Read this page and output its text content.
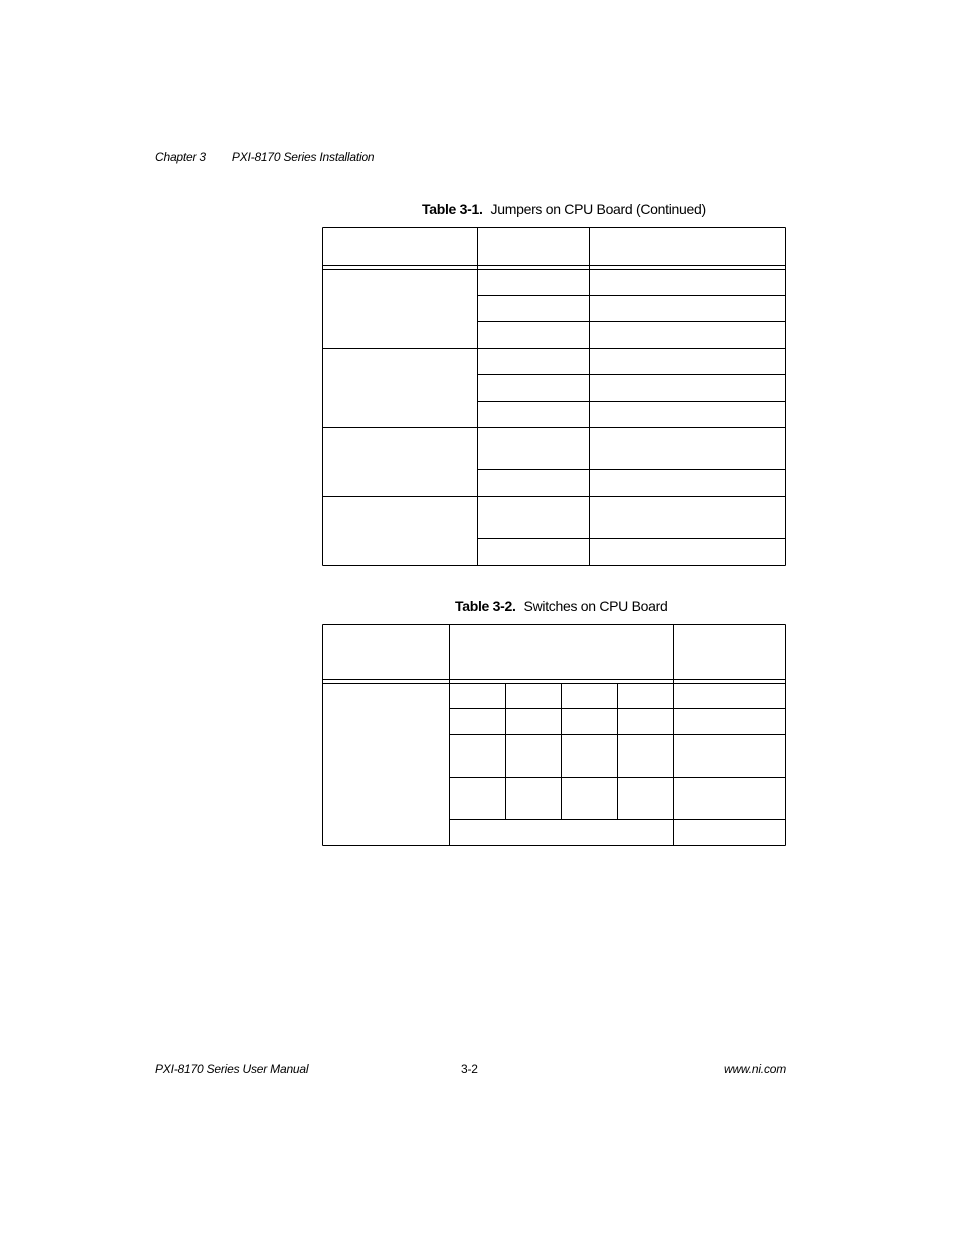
Chapter 3 PXI-8170 Series Installation
Table 3-1. Jumpers on CPU Board (Continued)
Table 3-2. Switches on CPU Board
PXI-8170 Series User Manual	3-2	www.ni.com
